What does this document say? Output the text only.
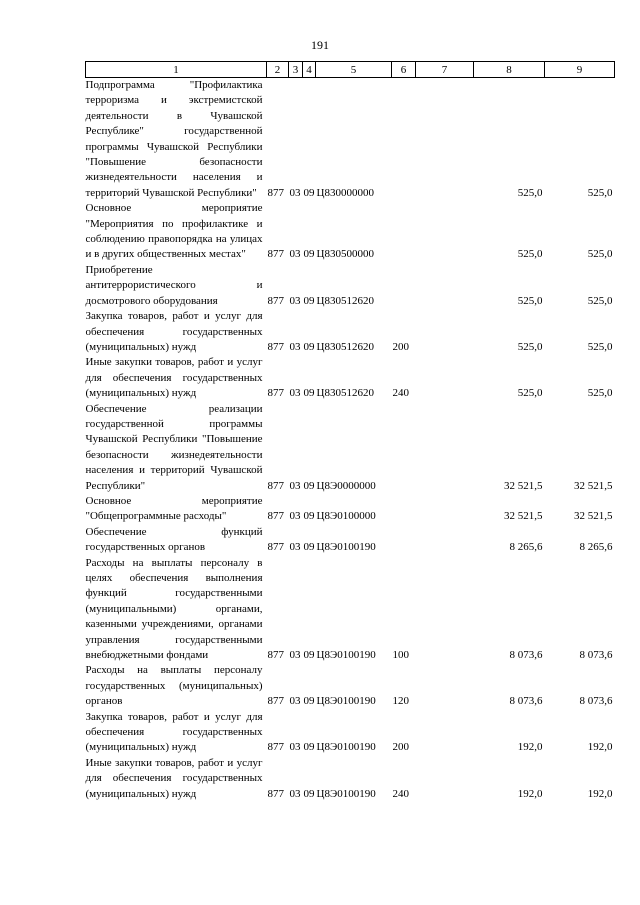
191
1	2	3	4	5	6	7	8	9
Подпрограмма "Профилактика терроризма и экстремистской деятельности в Чувашской Республике" государственной программы Чувашской Республики "Повышение безопасности жизнедеятельности населения и территорий Чувашской Республики"	877	03	09	Ц830000000			525,0	525,0
Основное мероприятие "Мероприятия по профилактике и соблюдению правопорядка на улицах и в других общественных местах"	877	03	09	Ц830500000			525,0	525,0
Приобретение антитеррористического и досмотрового оборудования	877	03	09	Ц830512620			525,0	525,0
Закупка товаров, работ и услуг для обеспечения государственных (муниципальных) нужд	877	03	09	Ц830512620	200		525,0	525,0
Иные закупки товаров, работ и услуг для обеспечения государственных (муниципальных) нужд	877	03	09	Ц830512620	240		525,0	525,0
Обеспечение реализации государственной программы Чувашской Республики "Повышение безопасности жизнедеятельности населения и территорий Чувашской Республики"	877	03	09	Ц8Э0000000			32 521,5	32 521,5
Основное мероприятие "Общепрограммные расходы"	877	03	09	Ц8Э0100000			32 521,5	32 521,5
Обеспечение функций государственных органов	877	03	09	Ц8Э0100190			8 265,6	8 265,6
Расходы на выплаты персоналу в целях обеспечения выполнения функций государственными (муниципальными) органами, казенными учреждениями, органами управления государственными внебюджетными фондами	877	03	09	Ц8Э0100190	100		8 073,6	8 073,6
Расходы на выплаты персоналу государственных (муниципальных) органов	877	03	09	Ц8Э0100190	120		8 073,6	8 073,6
Закупка товаров, работ и услуг для обеспечения государственных (муниципальных) нужд	877	03	09	Ц8Э0100190	200		192,0	192,0
Иные закупки товаров, работ и услуг для обеспечения государственных (муниципальных) нужд	877	03	09	Ц8Э0100190	240		192,0	192,0
